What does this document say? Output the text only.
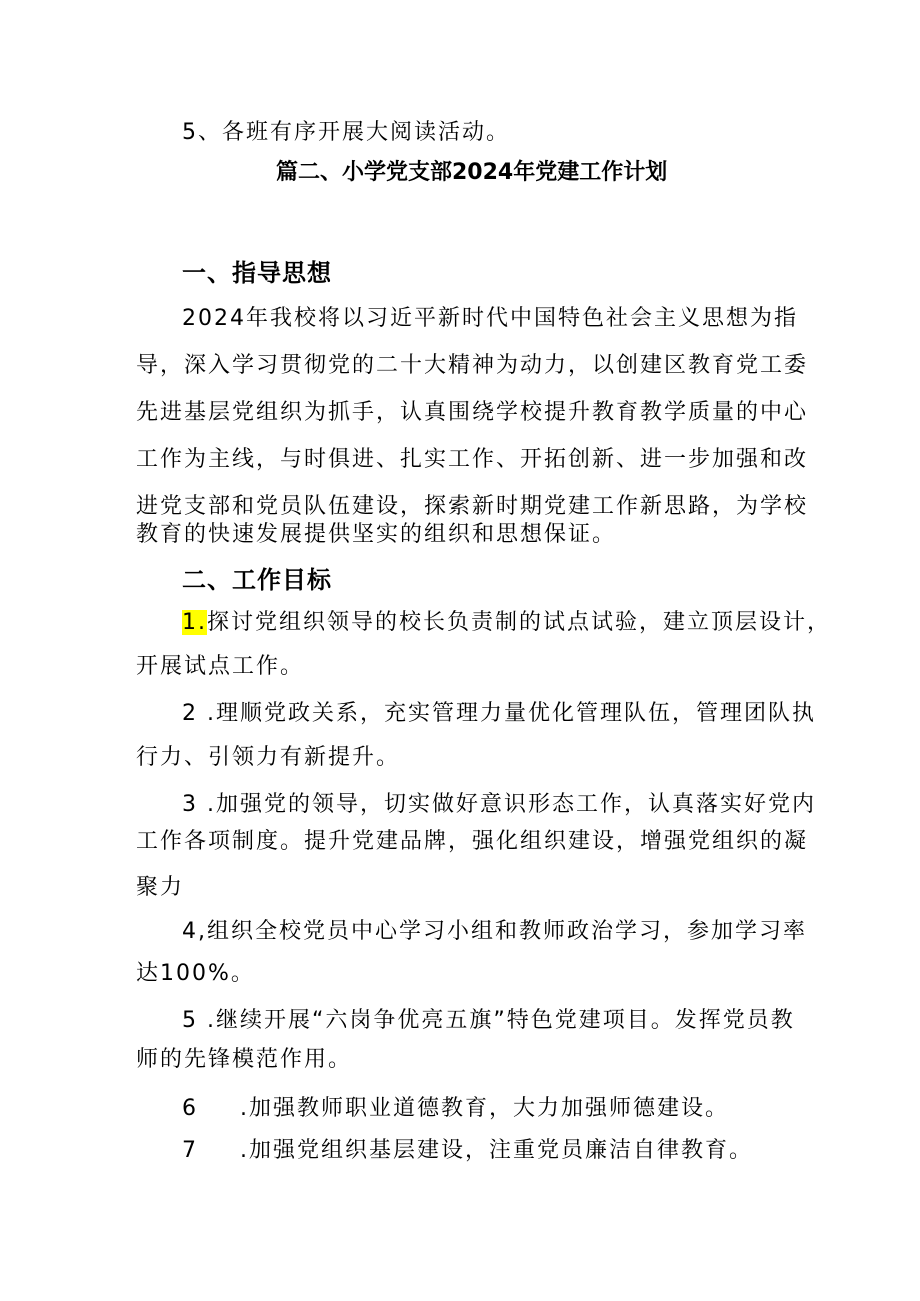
5、各班有序开展大阅读活动。
篇二、小学党支部2024年党建工作计划
一、指导思想
2024年我校将以习近平新时代中国特色社会主义思想为指
导，深入学习贯彻党的二十大精神为动力，以创建区教育党工委
先进基层党组织为抓手，认真围绕学校提升教育教学质量的中心
工作为主线，与时俱进、扎实工作、开拓创新、进一步加强和改
进党支部和党员队伍建设，探索新时期党建工作新思路，为学校
教育的快速发展提供坚实的组织和思想保证。
二、工作目标
1.探讨党组织领导的校长负责制的试点试验，建立顶层设计，
开展试点工作。
2 .理顺党政关系，充实管理力量优化管理队伍，管理团队执
行力、引领力有新提升。
3 .加强党的领导，切实做好意识形态工作，认真落实好党内
工作各项制度。提升党建品牌，强化组织建设，增强党组织的凝
聚力
4,组织全校党员中心学习小组和教师政治学习，参加学习率
达100%。
5 .继续开展“六岗争优亮五旗”特色党建项目。发挥党员教
师的先锋模范作用。
6 .加强教师职业道德教育，大力加强师德建设。
7 .加强党组织基层建设，注重党员廉洁自律教育。
